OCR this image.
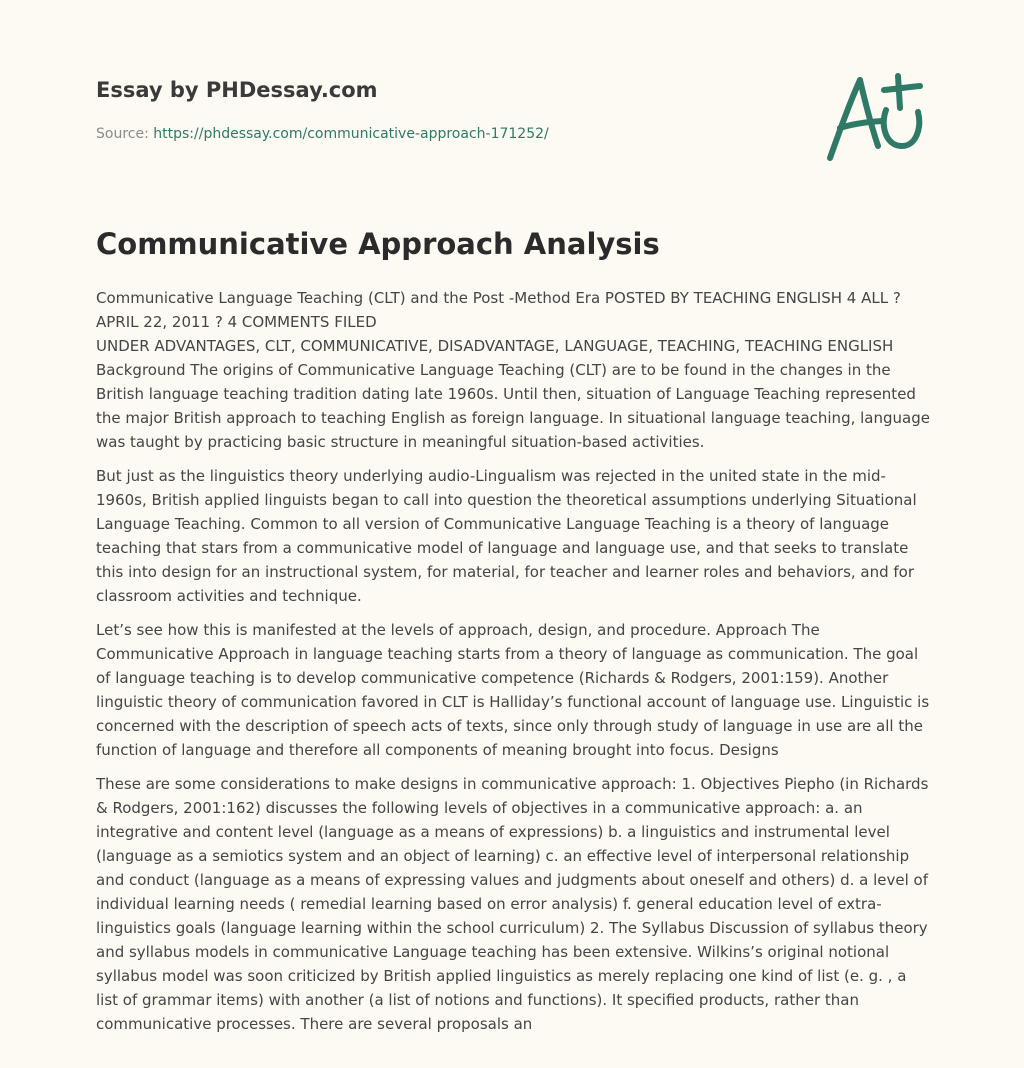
Essay by PHDessay.com
Source: https://phdessay.com/communicative-approach-171252/
Communicative Approach Analysis

Communicative Language Teaching (CLT) and the Post -Method Era POSTED BY TEACHING ENGLISH 4 ALL ? APRIL 22, 2011 ? 4 COMMENTS FILED
UNDER ADVANTAGES, CLT, COMMUNICATIVE, DISADVANTAGE, LANGUAGE, TEACHING, TEACHING ENGLISH Background The origins of Communicative Language Teaching (CLT) are to be found in the changes in the British language teaching tradition dating late 1960s. Until then, situation of Language Teaching represented the major British approach to teaching English as foreign language. In situational language teaching, language was taught by practicing basic structure in meaningful situation-based activities.

But just as the linguistics theory underlying audio-Lingualism was rejected in the united state in the mid-1960s, British applied linguists began to call into question the theoretical assumptions underlying Situational Language Teaching. Common to all version of Communicative Language Teaching is a theory of language teaching that stars from a communicative model of language and language use, and that seeks to translate this into design for an instructional system, for material, for teacher and learner roles and behaviors, and for classroom activities and technique.

Let’s see how this is manifested at the levels of approach, design, and procedure. Approach The Communicative Approach in language teaching starts from a theory of language as communication. The goal of language teaching is to develop communicative competence (Richards & Rodgers, 2001:159). Another linguistic theory of communication favored in CLT is Halliday’s functional account of language use. Linguistic is concerned with the description of speech acts of texts, since only through study of language in use are all the function of language and therefore all components of meaning brought into focus. Designs

These are some considerations to make designs in communicative approach: 1. Objectives Piepho (in Richards & Rodgers, 2001:162) discusses the following levels of objectives in a communicative approach: a. an integrative and content level (language as a means of expressions) b. a linguistics and instrumental level (language as a semiotics system and an object of learning) c. an effective level of interpersonal relationship and conduct (language as a means of expressing values and judgments about oneself and others) d. a level of individual learning needs ( remedial learning based on error analysis) f. general education level of extra- linguistics goals (language learning within the school curriculum) 2. The Syllabus Discussion of syllabus theory and syllabus models in communicative Language teaching has been extensive. Wilkins’s original notional syllabus model was soon criticized by British applied linguistics as merely replacing one kind of list (e. g. , a list of grammar items) with another (a list of notions and functions). It specified products, rather than communicative processes. There are several proposals an
